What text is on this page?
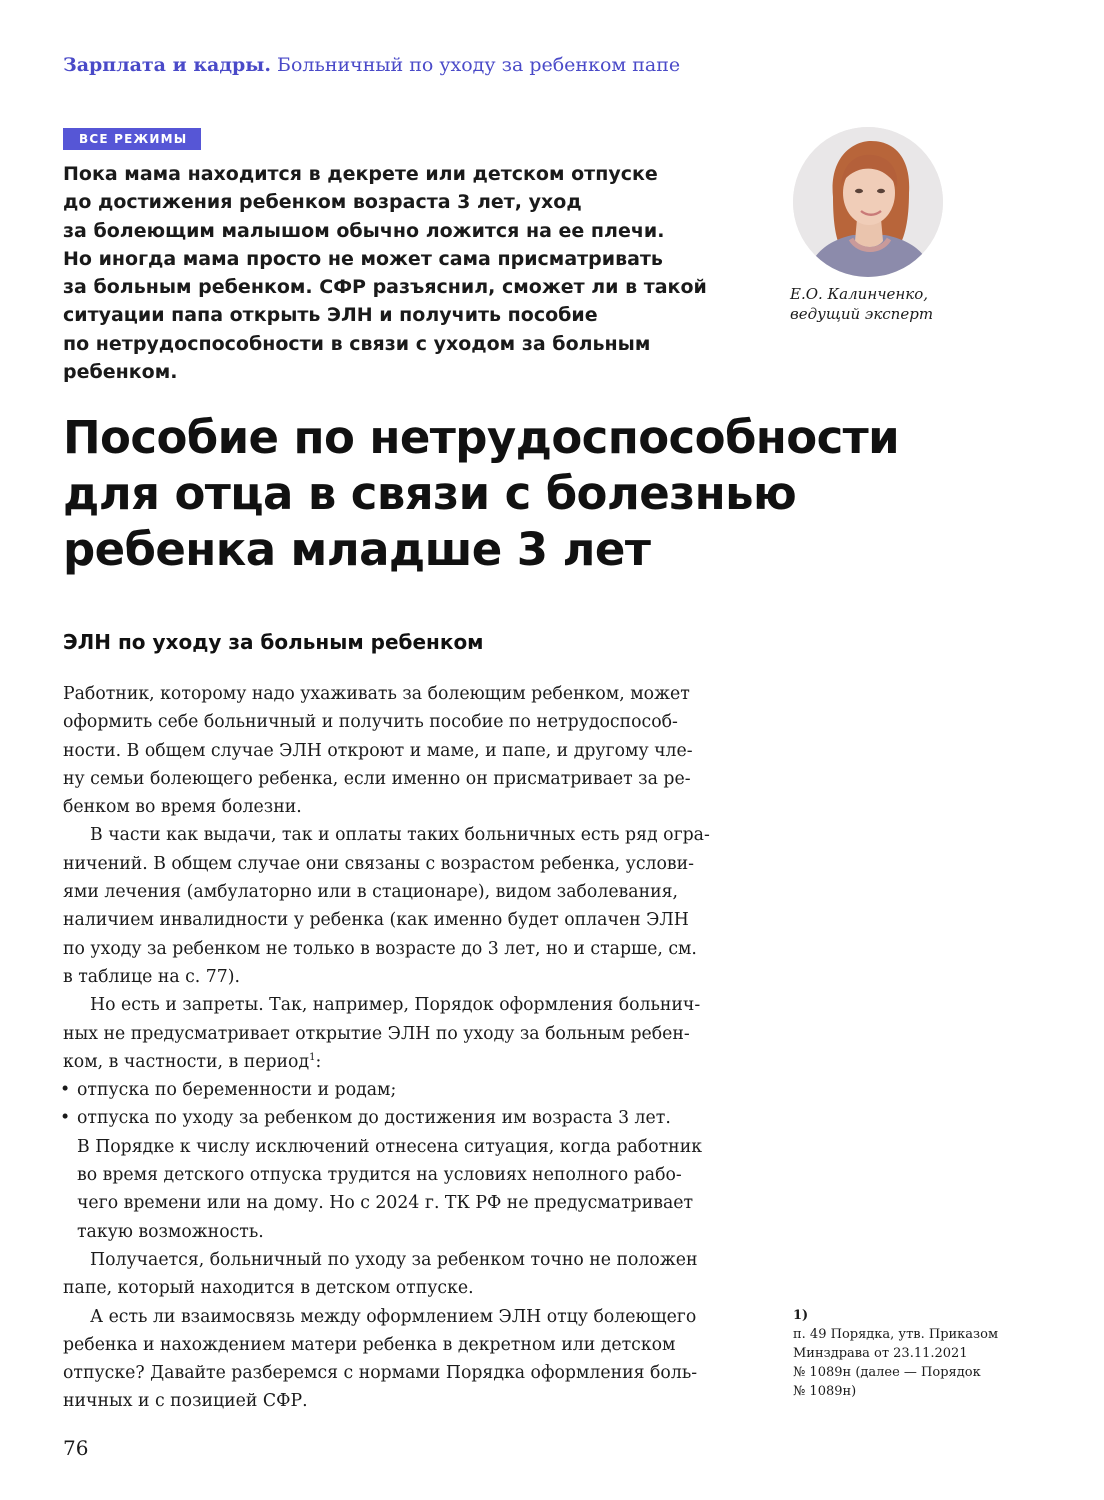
Зарплата и кадры. Больничный по уходу за ребенком папе
ВСЕ РЕЖИМЫ

Пока мама находится в декрете или детском отпуске
до достижения ребенком возраста 3 лет, уход
за болеющим малышом обычно ложится на ее плечи.
Но иногда мама просто не может сама присматривать
за больным ребенком. СФР разъяснил, сможет ли в такой
ситуации папа открыть ЭЛН и получить пособие
по нетрудоспособности в связи с уходом за больным
ребенком.

Е.О. Калинченко,
ведущий эксперт
Пособие по нетрудоспособности
для отца в связи с болезнью
ребенка младше 3 лет
ЭЛН по уходу за больным ребенком
Работник, которому надо ухаживать за болеющим ребенком, может
оформить себе больничный и получить пособие по нетрудоспособ-
ности. В общем случае ЭЛН откроют и маме, и папе, и другому чле-
ну семьи болеющего ребенка, если именно он присматривает за ре-
бенком во время болезни.
В части как выдачи, так и оплаты таких больничных есть ряд огра-
ничений. В общем случае они связаны с возрастом ребенка, услови-
ями лечения (амбулаторно или в стационаре), видом заболевания,
наличием инвалидности у ребенка (как именно будет оплачен ЭЛН
по уходу за ребенком не только в возрасте до 3 лет, но и старше, см.
в таблице на с. 77).
Но есть и запреты. Так, например, Порядок оформления больнич-
ных не предусматривает открытие ЭЛН по уходу за больным ребен-
ком, в частности, в период$^1$:
• отпуска по беременности и родам;
• отпуска по уходу за ребенком до достижения им возраста 3 лет.
В Порядке к числу исключений отнесена ситуация, когда работник
во время детского отпуска трудится на условиях неполного рабо-
чего времени или на дому. Но с 2024 г. ТК РФ не предусматривает
такую возможность.
Получается, больничный по уходу за ребенком точно не положен
папе, который находится в детском отпуске.
А есть ли взаимосвязь между оформлением ЭЛН отцу болеющего
ребенка и нахождением матери ребенка в декретном или детском
отпуске? Давайте разберемся с нормами Порядка оформления боль-
ничных и с позицией СФР.
1)
п. 49 Порядка, утв. Приказом
Минздрава от 23.11.2021
№ 1089н (далее — Порядок
№ 1089н)
76
